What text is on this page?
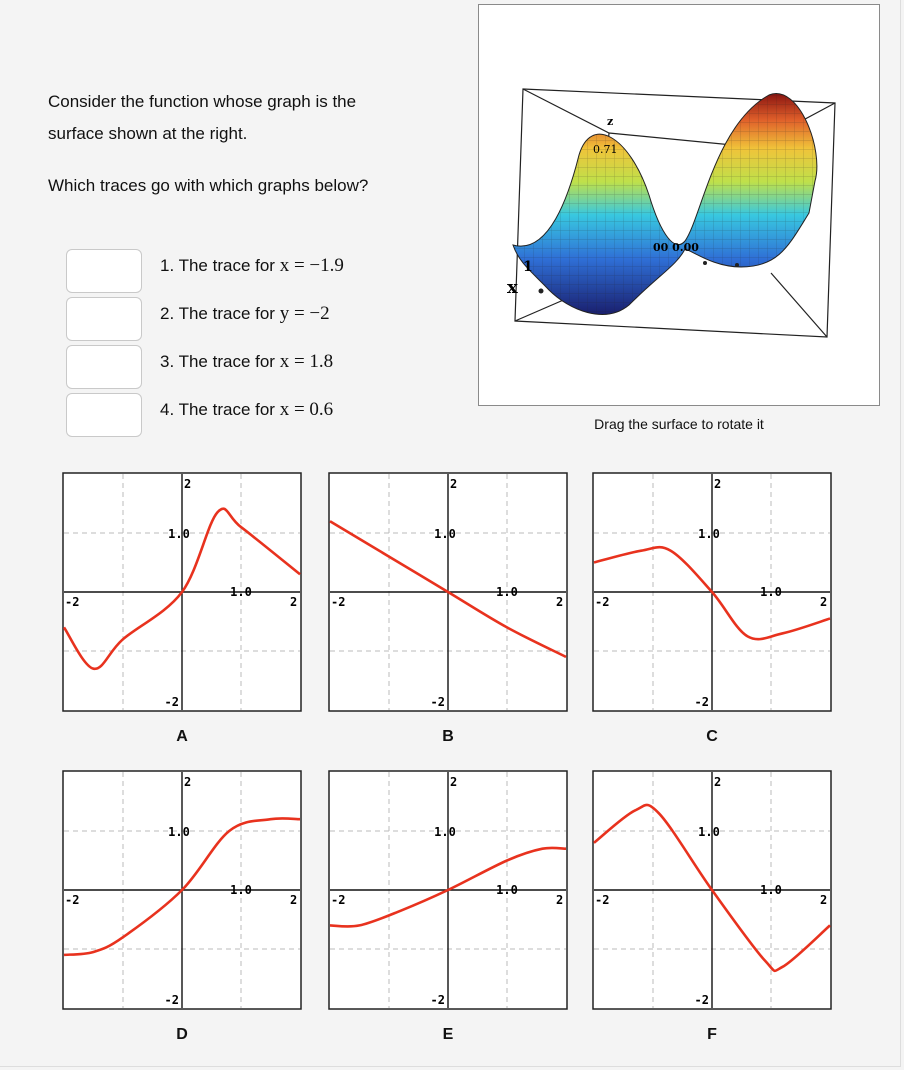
Consider the function whose graph is the surface shown at the right.

Which traces go with which graphs below?

1. The trace for x = −1.9
2. The trace for y = −2
3. The trace for x = 1.8
4. The trace for x = 0.6
z
0.71
00 0.00
x
1
Drag the surface to rotate it
2
1.0
1.0
2
-2
-2
A
2
1.0
1.0
2
-2
-2
B
2
1.0
1.0
2
-2
-2
C
2
1.0
1.0
2
-2
-2
D
2
1.0
1.0
2
-2
-2
E
2
1.0
1.0
2
-2
-2
F
